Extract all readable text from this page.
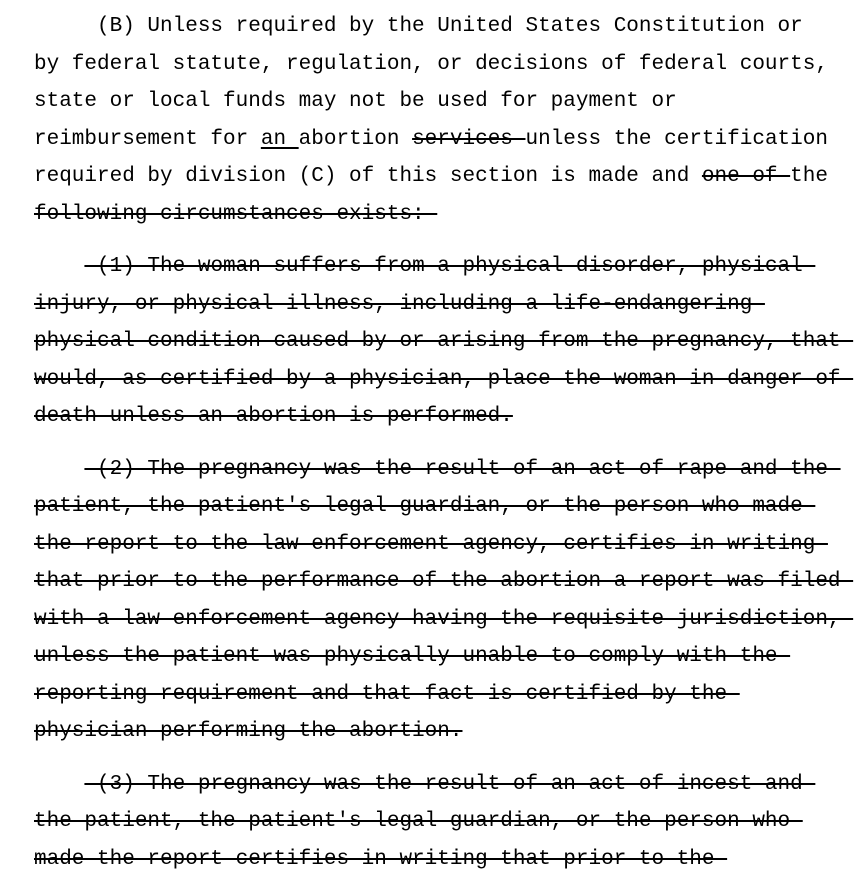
(B) Unless required by the United States Constitution or
by federal statute, regulation, or decisions of federal courts,
state or local funds may not be used for payment or
reimbursement for an abortion services unless the certification
required by division (C) of this section is made and one of the
following circumstances exists:
(1) The woman suffers from a physical disorder, physical
injury, or physical illness, including a life-endangering
physical condition caused by or arising from the pregnancy, that
would, as certified by a physician, place the woman in danger of
death unless an abortion is performed.
(2) The pregnancy was the result of an act of rape and the
patient, the patient's legal guardian, or the person who made
the report to the law enforcement agency, certifies in writing
that prior to the performance of the abortion a report was filed
with a law enforcement agency having the requisite jurisdiction,
unless the patient was physically unable to comply with the
reporting requirement and that fact is certified by the
physician performing the abortion.
(3) The pregnancy was the result of an act of incest and
the patient, the patient's legal guardian, or the person who
made the report certifies in writing that prior to the
